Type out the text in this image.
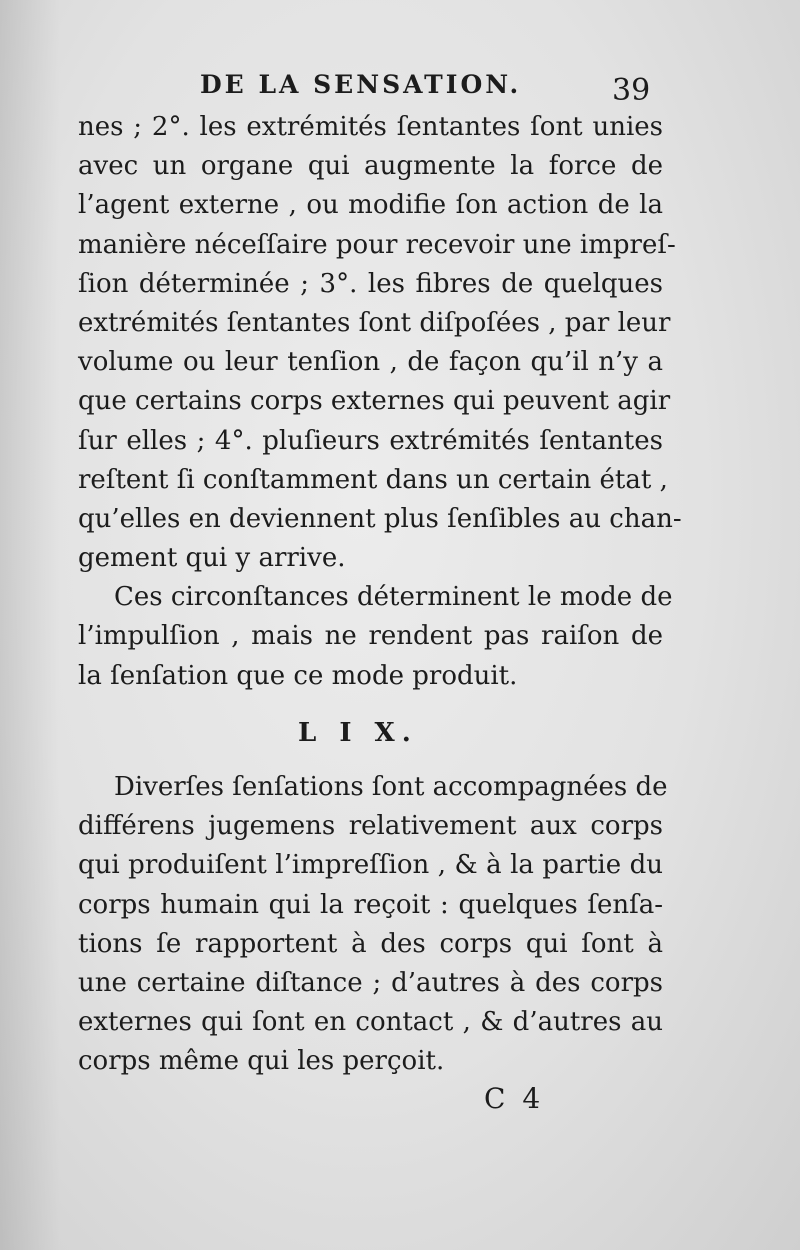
DE LA SENSATION.	39
nes ; 2°. les extrémités ſentantes ſont unies
avec un organe qui augmente la force de
l’agent externe , ou modifie ſon action de la
manière néceſſaire pour recevoir une impreſ-
ſion déterminée ; 3°. les fibres de quelques
extrémités ſentantes ſont diſpoſées , par leur
volume ou leur tenſion , de façon qu’il n’y a
que certains corps externes qui peuvent agir
ſur elles ; 4°. pluſieurs extrémités ſentantes
reſtent ſi conſtamment dans un certain état ,
qu’elles en deviennent plus ſenſibles au chan-
gement qui y arrive.
Ces circonſtances déterminent le mode de
l’impulſion , mais ne rendent pas raiſon de
la ſenſation que ce mode produit.
L I X.
Diverſes ſenſations ſont accompagnées de
différens jugemens relativement aux corps
qui produiſent l’impreſſion , & à la partie du
corps humain qui la reçoit : quelques ſenſa-
tions ſe rapportent à des corps qui ſont à
une certaine diſtance ; d’autres à des corps
externes qui ſont en contact , & d’autres au
corps même qui les perçoit.
C 4
